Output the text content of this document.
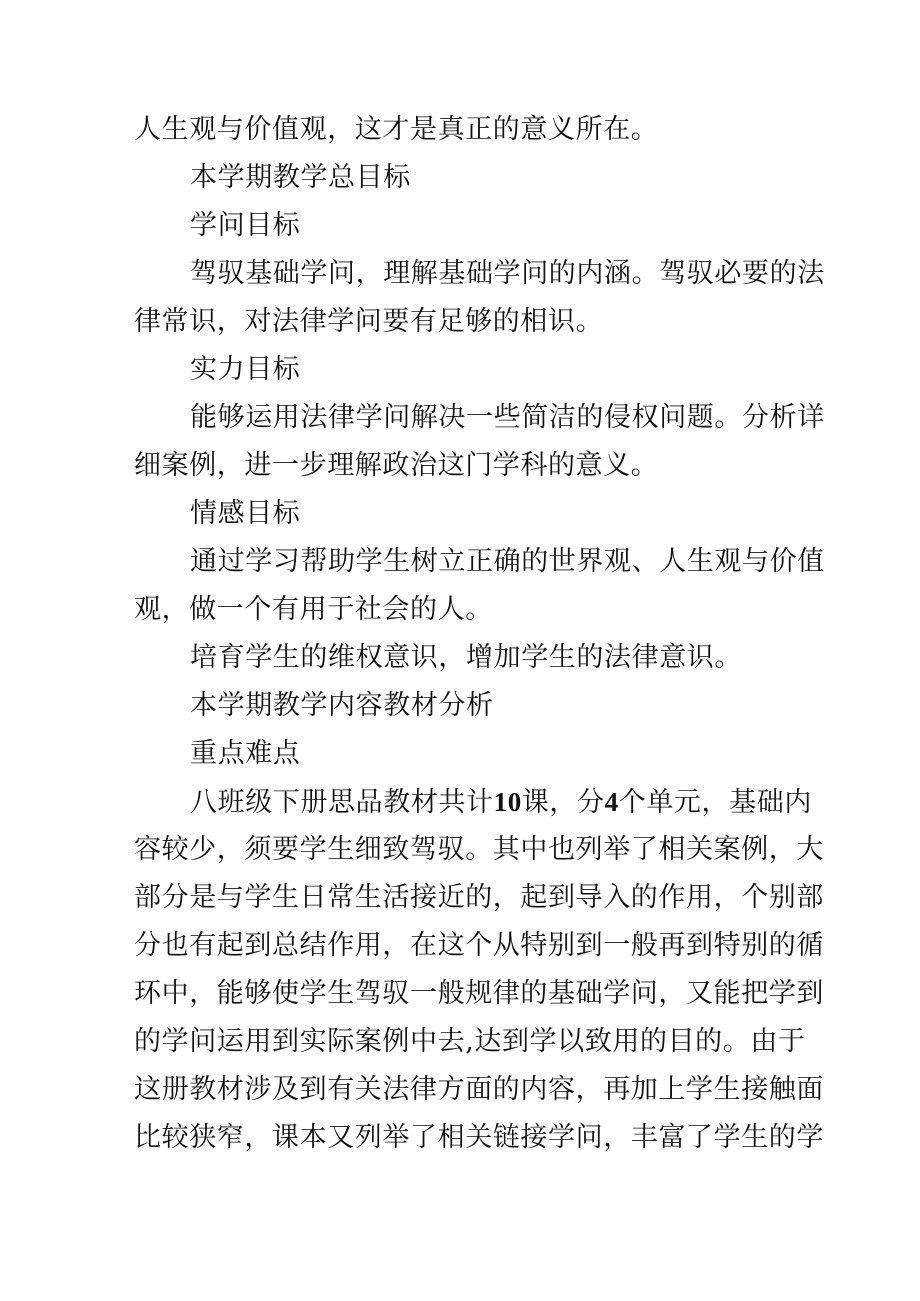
人生观与价值观，这才是真正的意义所在。
本学期教学总目标
学问目标
驾驭基础学问，理解基础学问的内涵。驾驭必要的法
律常识，对法律学问要有足够的相识。
实力目标
能够运用法律学问解决一些简洁的侵权问题。分析详
细案例，进一步理解政治这门学科的意义。
情感目标
通过学习帮助学生树立正确的世界观、人生观与价值
观，做一个有用于社会的人。
培育学生的维权意识，增加学生的法律意识。
本学期教学内容教材分析
重点难点
八班级下册思品教材共计10课，分4个单元，基础内
容较少，须要学生细致驾驭。其中也列举了相关案例，大
部分是与学生日常生活接近的，起到导入的作用，个别部
分也有起到总结作用，在这个从特别到一般再到特别的循
环中，能够使学生驾驭一般规律的基础学问，又能把学到
的学问运用到实际案例中去,达到学以致用的目的。由于
这册教材涉及到有关法律方面的内容，再加上学生接触面
比较狭窄，课本又列举了相关链接学问，丰富了学生的学
